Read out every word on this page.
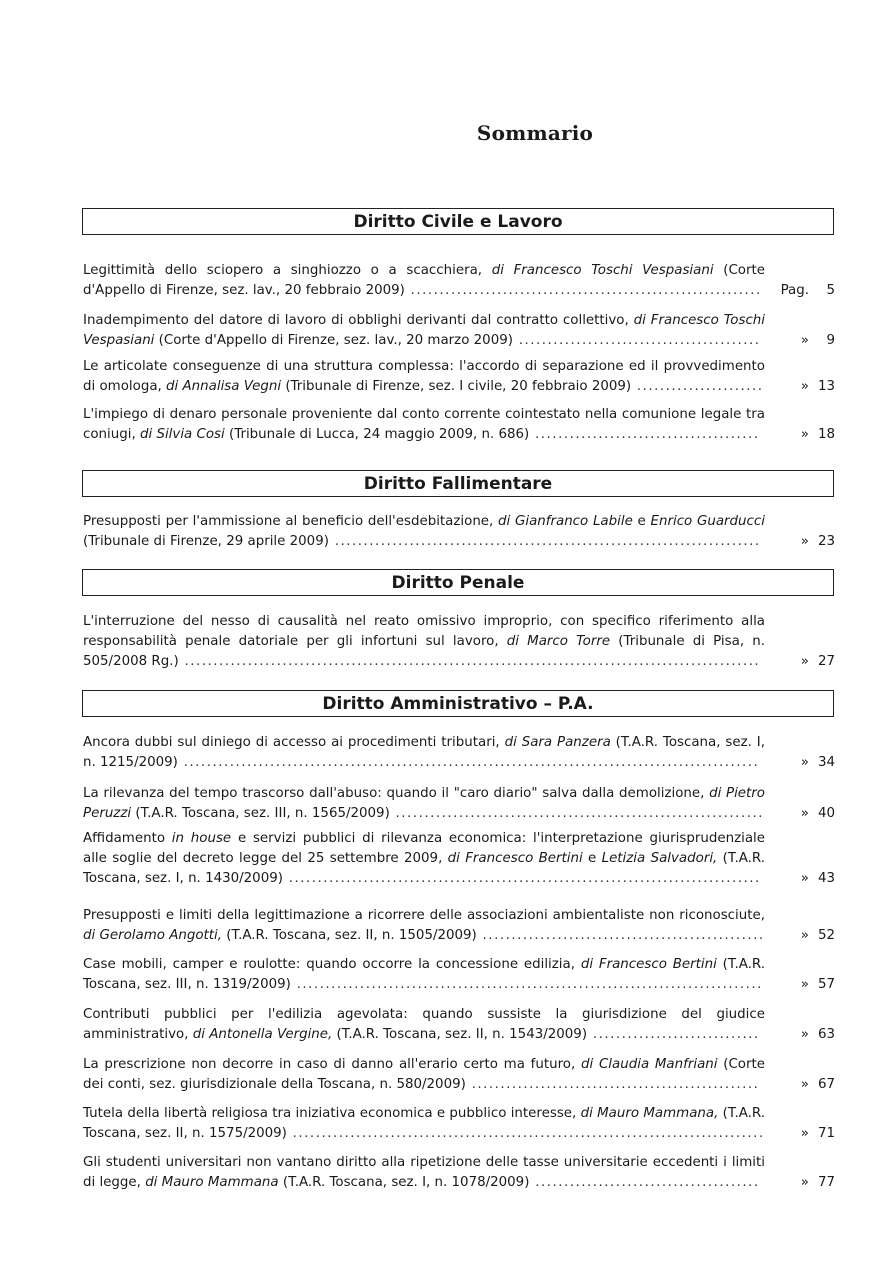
Sommario
Diritto Civile e Lavoro
Legittimità dello sciopero a singhiozzo o a scacchiera, di Francesco Toschi Vespasiani (Corte d'Appello di Firenze, sez. lav., 20 febbraio 2009) ............................................................. Pag.	5
Inadempimento del datore di lavoro di obblighi derivanti dal contratto collettivo, di Francesco Toschi Vespasiani (Corte d'Appello di Firenze, sez. lav., 20 marzo 2009) ..........................................	»	9
Le articolate conseguenze di una struttura complessa: l'accordo di separazione ed il provvedimento di omologa, di Annalisa Vegni (Tribunale di Firenze, sez. I civile, 20 febbraio 2009) ......................	» 13
L'impiego di denaro personale proveniente dal conto corrente cointestato nella comunione legale tra coniugi, di Silvia Cosi (Tribunale di Lucca, 24 maggio 2009, n. 686) .......................................	» 18
Diritto Fallimentare
Presupposti per l'ammissione al beneficio dell'esdebitazione, di Gianfranco Labile e Enrico Guarducci (Tribunale di Firenze, 29 aprile 2009) ..........................................................................	» 23
Diritto Penale
L'interruzione del nesso di causalità nel reato omissivo improprio, con specifico riferimento alla responsabilità penale datoriale per gli infortuni sul lavoro, di Marco Torre (Tribunale di Pisa, n. 505/2008 Rg.) ....................................................................................................	» 27
Diritto Amministrativo – P.A.
Ancora dubbi sul diniego di accesso ai procedimenti tributari, di Sara Panzera (T.A.R. Toscana, sez. I, n. 1215/2009) ....................................................................................................	» 34
La rilevanza del tempo trascorso dall'abuso: quando il "caro diario" salva dalla demolizione, di Pietro Peruzzi (T.A.R. Toscana, sez. III, n. 1565/2009) ................................................................	» 40
Affidamento in house e servizi pubblici di rilevanza economica: l'interpretazione giurisprudenziale alle soglie del decreto legge del 25 settembre 2009, di Francesco Bertini e Letizia Salvadori, (T.A.R. Toscana, sez. I, n. 1430/2009) ..................................................................................	» 43
Presupposti e limiti della legittimazione a ricorrere delle associazioni ambientaliste non riconosciute, di Gerolamo Angotti, (T.A.R. Toscana, sez. II, n. 1505/2009) .................................................	» 52
Case mobili, camper e roulotte: quando occorre la concessione edilizia, di Francesco Bertini (T.A.R. Toscana, sez. III, n. 1319/2009) .................................................................................	» 57
Contributi pubblici per l'edilizia agevolata: quando sussiste la giurisdizione del giudice amministrativo, di Antonella Vergine, (T.A.R. Toscana, sez. II, n. 1543/2009) .............................	» 63
La prescrizione non decorre in caso di danno all'erario certo ma futuro, di Claudia Manfriani (Corte dei conti, sez. giurisdizionale della Toscana, n. 580/2009) ..................................................	» 67
Tutela della libertà religiosa tra iniziativa economica e pubblico interesse, di Mauro Mammana, (T.A.R. Toscana, sez. II, n. 1575/2009) ..................................................................................	» 71
Gli studenti universitari non vantano diritto alla ripetizione delle tasse universitarie eccedenti i limiti di legge, di Mauro Mammana (T.A.R. Toscana, sez. I, n. 1078/2009) .......................................	» 77
